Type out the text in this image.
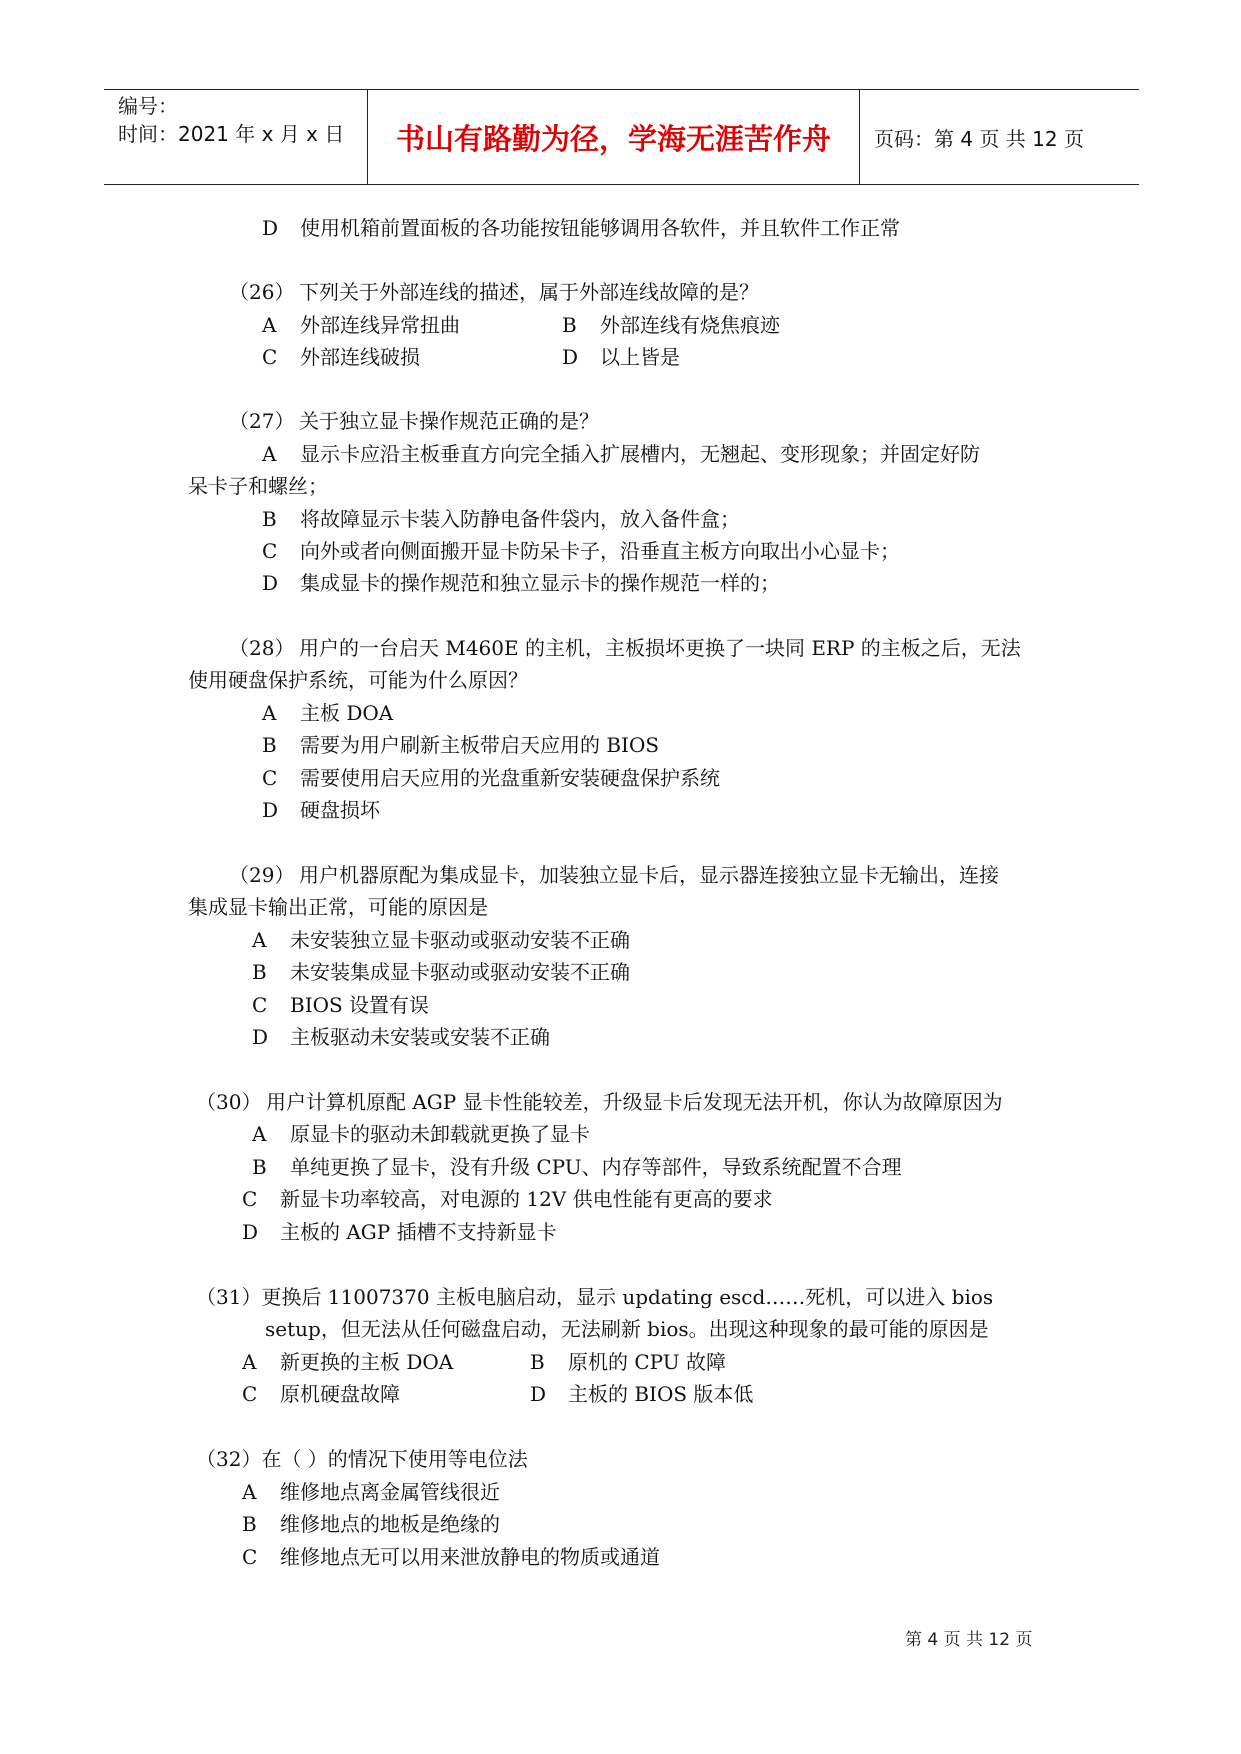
编号：
时间：2021 年 x 月 x 日	书山有路勤为径，学海无涯苦作舟	页码：第 4 页 共 12 页
D 使用机箱前置面板的各功能按钮能够调用各软件，并且软件工作正常
（26） 下列关于外部连线的描述，属于外部连线故障的是？
A 外部连线异常扭曲	B 外部连线有烧焦痕迹
C 外部连线破损	D 以上皆是
（27） 关于独立显卡操作规范正确的是？
A 显示卡应沿主板垂直方向完全插入扩展槽内，无翘起、变形现象；并固定好防
呆卡子和螺丝；
B 将故障显示卡装入防静电备件袋内，放入备件盒；
C 向外或者向侧面搬开显卡防呆卡子，沿垂直主板方向取出小心显卡；
D 集成显卡的操作规范和独立显示卡的操作规范一样的；
（28） 用户的一台启天 M460E 的主机，主板损坏更换了一块同 ERP 的主板之后，无法
使用硬盘保护系统，可能为什么原因？
A 主板 DOA
B 需要为用户刷新主板带启天应用的 BIOS
C 需要使用启天应用的光盘重新安装硬盘保护系统
D 硬盘损坏
（29） 用户机器原配为集成显卡，加装独立显卡后，显示器连接独立显卡无输出，连接
集成显卡输出正常，可能的原因是
A 未安装独立显卡驱动或驱动安装不正确
B 未安装集成显卡驱动或驱动安装不正确
C BIOS 设置有误
D 主板驱动未安装或安装不正确
（30） 用户计算机原配 AGP 显卡性能较差，升级显卡后发现无法开机，你认为故障原因为
A 原显卡的驱动未卸载就更换了显卡
B 单纯更换了显卡，没有升级 CPU、内存等部件，导致系统配置不合理
C 新显卡功率较高，对电源的 12V 供电性能有更高的要求
D 主板的 AGP 插槽不支持新显卡
（31）更换后 11007370 主板电脑启动，显示 updating escd……死机，可以进入 bios
setup，但无法从任何磁盘启动，无法刷新 bios。出现这种现象的最可能的原因是
A 新更换的主板 DOA	B 原机的 CPU 故障
C 原机硬盘故障	D 主板的 BIOS 版本低
（32）在（ ）的情况下使用等电位法
A 维修地点离金属管线很近
B 维修地点的地板是绝缘的
C 维修地点无可以用来泄放静电的物质或通道
第 4 页 共 12 页
